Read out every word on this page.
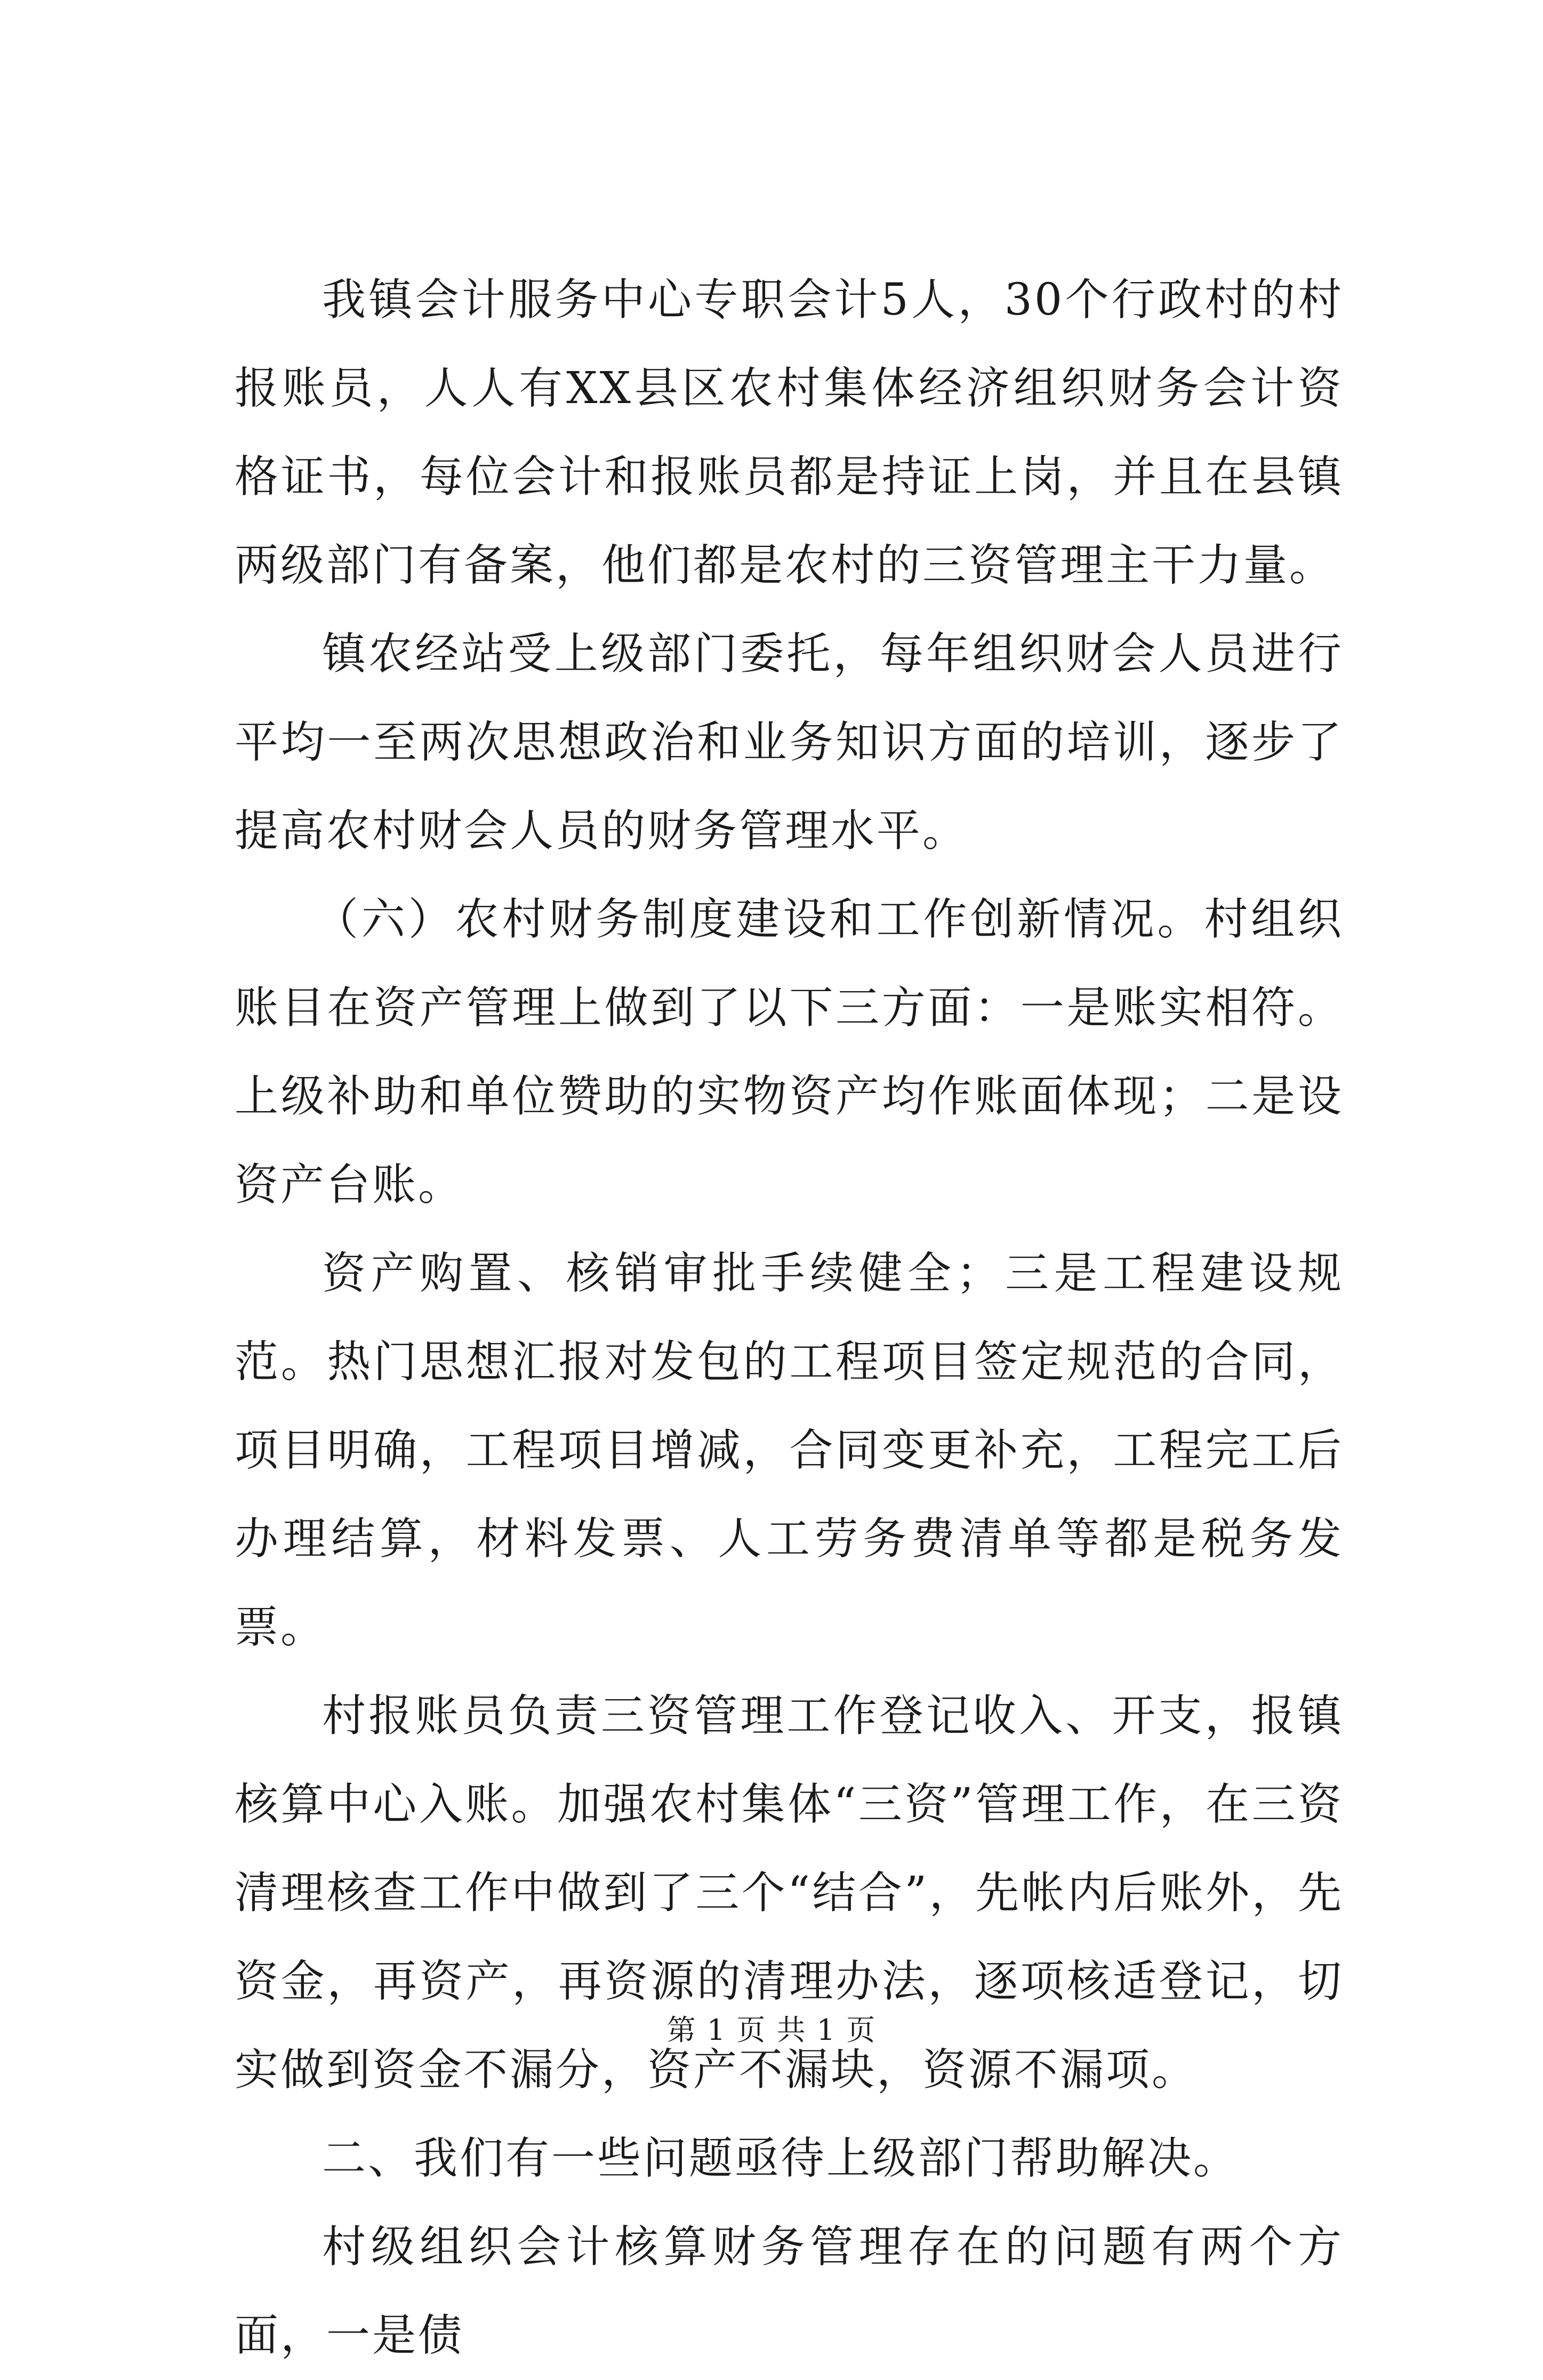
我镇会计服务中心专职会计5人，30个行政村的村报账员，人人有XX县区农村集体经济组织财务会计资格证书，每位会计和报账员都是持证上岗，并且在县镇两级部门有备案，他们都是农村的三资管理主干力量。

镇农经站受上级部门委托，每年组织财会人员进行平均一至两次思想政治和业务知识方面的培训，逐步了提高农村财会人员的财务管理水平。

（六）农村财务制度建设和工作创新情况。村组织账目在资产管理上做到了以下三方面：一是账实相符。上级补助和单位赞助的实物资产均作账面体现；二是设资产台账。

资产购置、核销审批手续健全；三是工程建设规范。热门思想汇报对发包的工程项目签定规范的合同，项目明确，工程项目增减，合同变更补充，工程完工后办理结算，材料发票、人工劳务费清单等都是税务发票。

村报账员负责三资管理工作登记收入、开支，报镇核算中心入账。加强农村集体“三资”管理工作，在三资清理核查工作中做到了三个“结合”，先帐内后账外，先资金，再资产，再资源的清理办法，逐项核适登记，切实做到资金不漏分，资产不漏块，资源不漏项。

二、我们有一些问题亟待上级部门帮助解决。

村级组织会计核算财务管理存在的问题有两个方面，一是债

第 1 页 共 1 页
